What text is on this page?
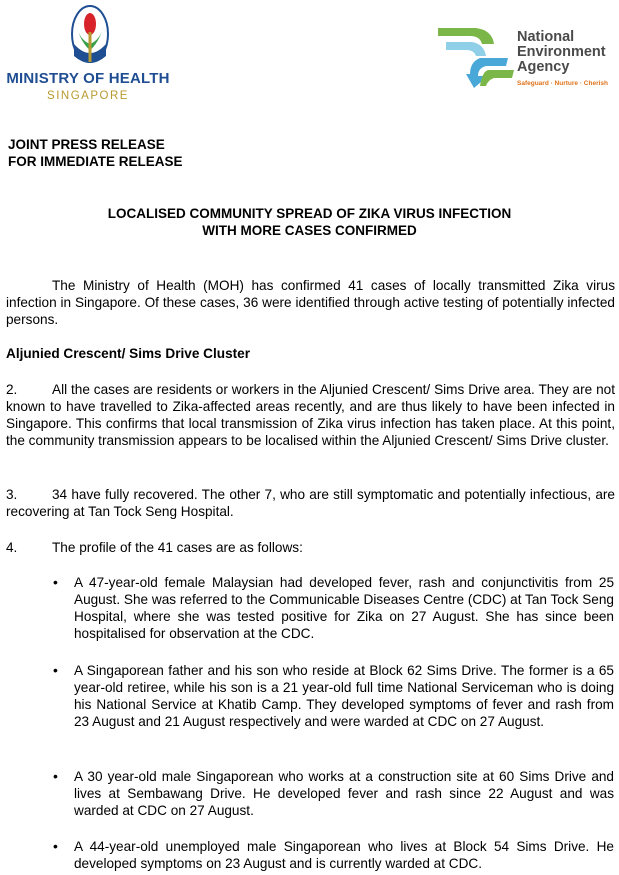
MINISTRY OF HEALTH
SINGAPORE
National
Environment
Agency
Safeguard · Nurture · Cherish
JOINT PRESS RELEASE
FOR IMMEDIATE RELEASE
LOCALISED COMMUNITY SPREAD OF ZIKA VIRUS INFECTION
WITH MORE CASES CONFIRMED
The Ministry of Health (MOH) has confirmed 41 cases of locally transmitted Zika virus infection in Singapore. Of these cases, 36 were identified through active testing of potentially infected persons.
Aljunied Crescent/ Sims Drive Cluster
2.	All the cases are residents or workers in the Aljunied Crescent/ Sims Drive area. They are not known to have travelled to Zika-affected areas recently, and are thus likely to have been infected in Singapore. This confirms that local transmission of Zika virus infection has taken place. At this point, the community transmission appears to be localised within the Aljunied Crescent/ Sims Drive cluster.
3.	34 have fully recovered. The other 7, who are still symptomatic and potentially infectious, are recovering at Tan Tock Seng Hospital.
4.	The profile of the 41 cases are as follows:
• A 47-year-old female Malaysian had developed fever, rash and conjunctivitis from 25 August. She was referred to the Communicable Diseases Centre (CDC) at Tan Tock Seng Hospital, where she was tested positive for Zika on 27 August. She has since been hospitalised for observation at the CDC.
• A Singaporean father and his son who reside at Block 62 Sims Drive. The former is a 65 year-old retiree, while his son is a 21 year-old full time National Serviceman who is doing his National Service at Khatib Camp. They developed symptoms of fever and rash from 23 August and 21 August respectively and were warded at CDC on 27 August.
• A 30 year-old male Singaporean who works at a construction site at 60 Sims Drive and lives at Sembawang Drive. He developed fever and rash since 22 August and was warded at CDC on 27 August.
• A 44-year-old unemployed male Singaporean who lives at Block 54 Sims Drive. He developed symptoms on 23 August and is currently warded at CDC.
